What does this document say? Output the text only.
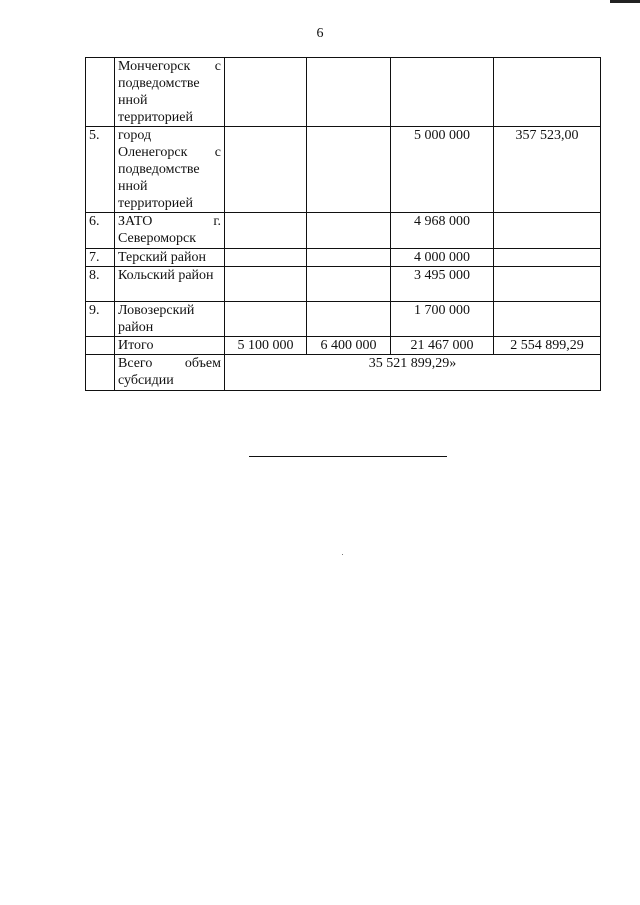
6
	Мончегорск с подведомстве нной территорией				
5.	город Оленегорск с подведомстве нной территорией			5 000 000	357 523,00
6.	ЗАТО г. Североморск			4 968 000	
7.	Терский район			4 000 000	
8.	Кольский район			3 495 000	
9.	Ловозерский район			1 700 000	
	Итого	5 100 000	6 400 000	21 467 000	2 554 899,29
	Всего объем субсидии	35 521 899,29»			
